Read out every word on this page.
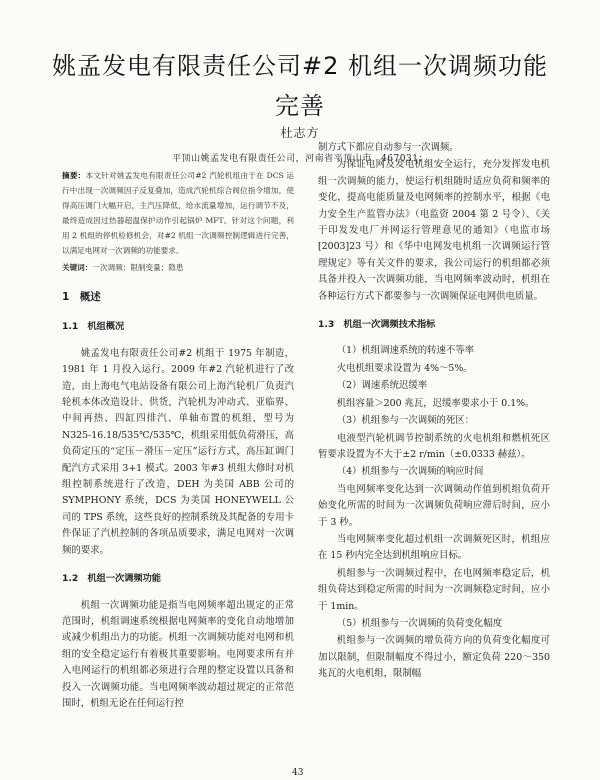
姚孟发电有限责任公司#2 机组一次调频功能完善
杜志方
平顶山姚孟发电有限责任公司，河南省平顶山市　467031；
摘要：本文针对姚孟发电有限责任公司#2 汽轮机组由于在 DCS 运行中出现一次调频因子反复叠加，造成汽轮机综合阀位指令增加，使得高压调门大幅开启，主汽压降低，给水流量增加，运行调节不及，最终造成因过热器超温保护动作引起锅炉 MFT。针对这个问题，利用 2 机组的停机检修机会，对#2 机组一次调频控制逻辑进行完善，以满足电网对一次调频的功能要求。
关键词：一次调频；限制变量；隐患
1　概述
1.1　机组概况

姚孟发电有限责任公司#2 机组于 1975 年制造，1981 年 1 月投入运行。2009 年#2 汽轮机进行了改造，由上海电气电站设备有限公司上海汽轮机厂负责汽轮机本体改造设计、供货，汽轮机为冲动式、亚临界、中间再热、四缸四排汽、单轴布置的机组，型号为 N325-16.18/535℃/535℃，机组采用低负荷滑压，高负荷定压的“定压－滑压－定压”运行方式，高压缸调门配汽方式采用 3+1 模式。2003 年#3 机组大修时对机组控制系统进行了改造，DEH 为美国 ABB 公司的 SYMPHONY 系统，DCS 为美国 HONEYWELL 公司的 TPS 系统，这些良好的控制系统及其配备的专用卡件保证了汽机控制的各项品质要求，满足电网对一次调频的要求。

1.2　机组一次调频功能

机组一次调频功能是指当电网频率超出规定的正常范围时，机组调速系统根据电网频率的变化自动地增加或减少机组出力的功能。机组一次调频功能对电网和机组的安全稳定运行有着极其重要影响。电网要求所有并入电网运行的机组都必须进行合理的整定设置以具备和投入一次调频功能。当电网频率波动超过规定的正常范围时，机组无论在任何运行控

制方式下都应自动参与一次调频。

为保证电网及发电机组安全运行，充分发挥发电机组一次调频的能力，使运行机组随时适应负荷和频率的变化，提高电能质量及电网频率的控制水平，根据《电力安全生产监管办法》（电监资 2004 第 2 号令）、《关于印发发电厂并网运行管理意见的通知》（电监市场[2003]23 号）和《华中电网发电机组一次调频运行管理规定》等有关文件的要求，我公司运行的机组都必须具备并投入一次调频功能，当电网频率波动时，机组在各种运行方式下都要参与一次调频保证电网供电质量。

1.3　机组一次调频技术指标

（1）机组调速系统的转速不等率

火电机组要求设置为 4%～5%。

（2）调速系统迟缓率

机组容量＞200 兆瓦，迟缓率要求小于 0.1%。

（3）机组参与一次调频的死区：

电液型汽轮机调节控制系统的火电机组和燃机死区暂要求设置为不大于±2 r/min（±0.0333 赫兹）。

（4）机组参与一次调频的响应时间

当电网频率变化达到一次调频动作值到机组负荷开始变化所需的时间为一次调频负荷响应滞后时间，应小于 3 秒。

当电网频率变化超过机组一次调频死区时，机组应在 15 秒内完全达到机组响应目标。

机组参与一次调频过程中，在电网频率稳定后，机组负荷达到稳定所需的时间为一次调频稳定时间，应小于 1min。

（5）机组参与一次调频的负荷变化幅度

机组参与一次调频的增负荷方向的负荷变化幅度可加以限制，但限制幅度不得过小，额定负荷 220～350 兆瓦的火电机组，限制幅

43
